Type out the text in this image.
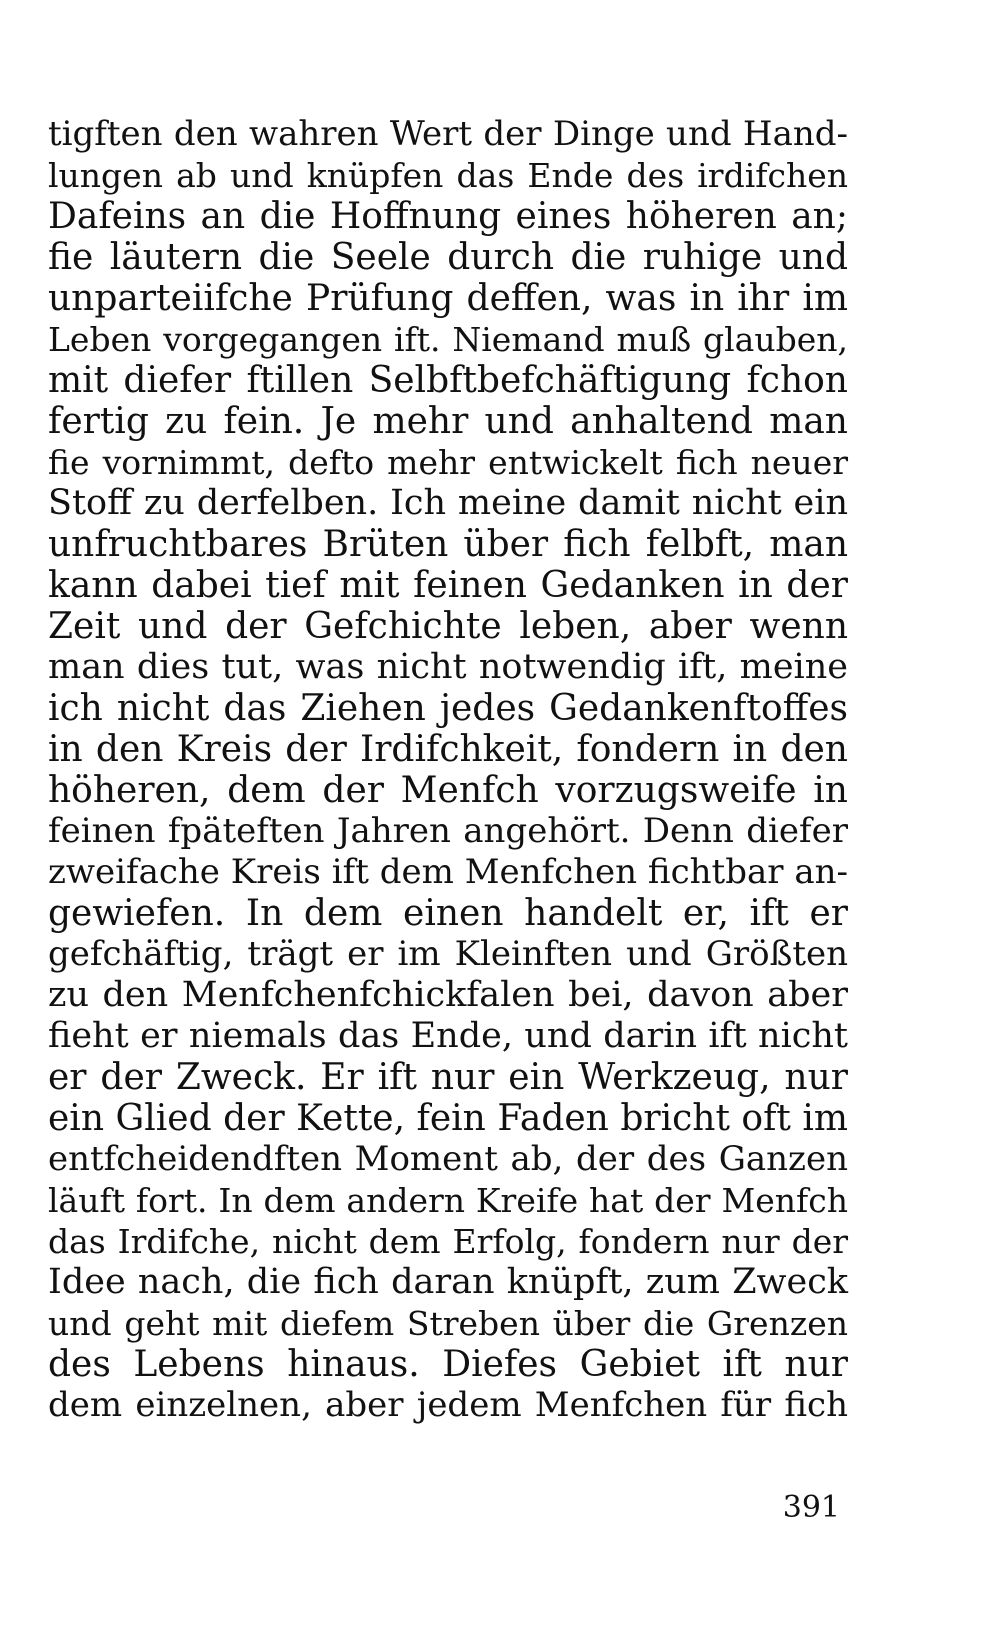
tigften den wahren Wert der Dinge und Hand-
lungen ab und knüpfen das Ende des irdifchen
Dafeins an die Hoffnung eines höheren an;
fie läutern die Seele durch die ruhige und
unparteiifche Prüfung deffen, was in ihr im
Leben vorgegangen ift. Niemand muß glauben,
mit diefer ftillen Selbftbefchäftigung fchon
fertig zu fein. Je mehr und anhaltend man
fie vornimmt, defto mehr entwickelt fich neuer
Stoff zu derfelben. Ich meine damit nicht ein
unfruchtbares Brüten über fich felbft, man
kann dabei tief mit feinen Gedanken in der
Zeit und der Gefchichte leben, aber wenn
man dies tut, was nicht notwendig ift, meine
ich nicht das Ziehen jedes Gedankenftoffes
in den Kreis der Irdifchkeit, fondern in den
höheren, dem der Menfch vorzugsweife in
feinen fpäteften Jahren angehört. Denn diefer
zweifache Kreis ift dem Menfchen fichtbar an-
gewiefen. In dem einen handelt er, ift er
gefchäftig, trägt er im Kleinften und Größten
zu den Menfchenfchickfalen bei, davon aber
fieht er niemals das Ende, und darin ift nicht
er der Zweck. Er ift nur ein Werkzeug, nur
ein Glied der Kette, fein Faden bricht oft im
entfcheidendften Moment ab, der des Ganzen
läuft fort. In dem andern Kreife hat der Menfch
das Irdifche, nicht dem Erfolg, fondern nur der
Idee nach, die fich daran knüpft, zum Zweck
und geht mit diefem Streben über die Grenzen
des Lebens hinaus. Diefes Gebiet ift nur
dem einzelnen, aber jedem Menfchen für fich
391
